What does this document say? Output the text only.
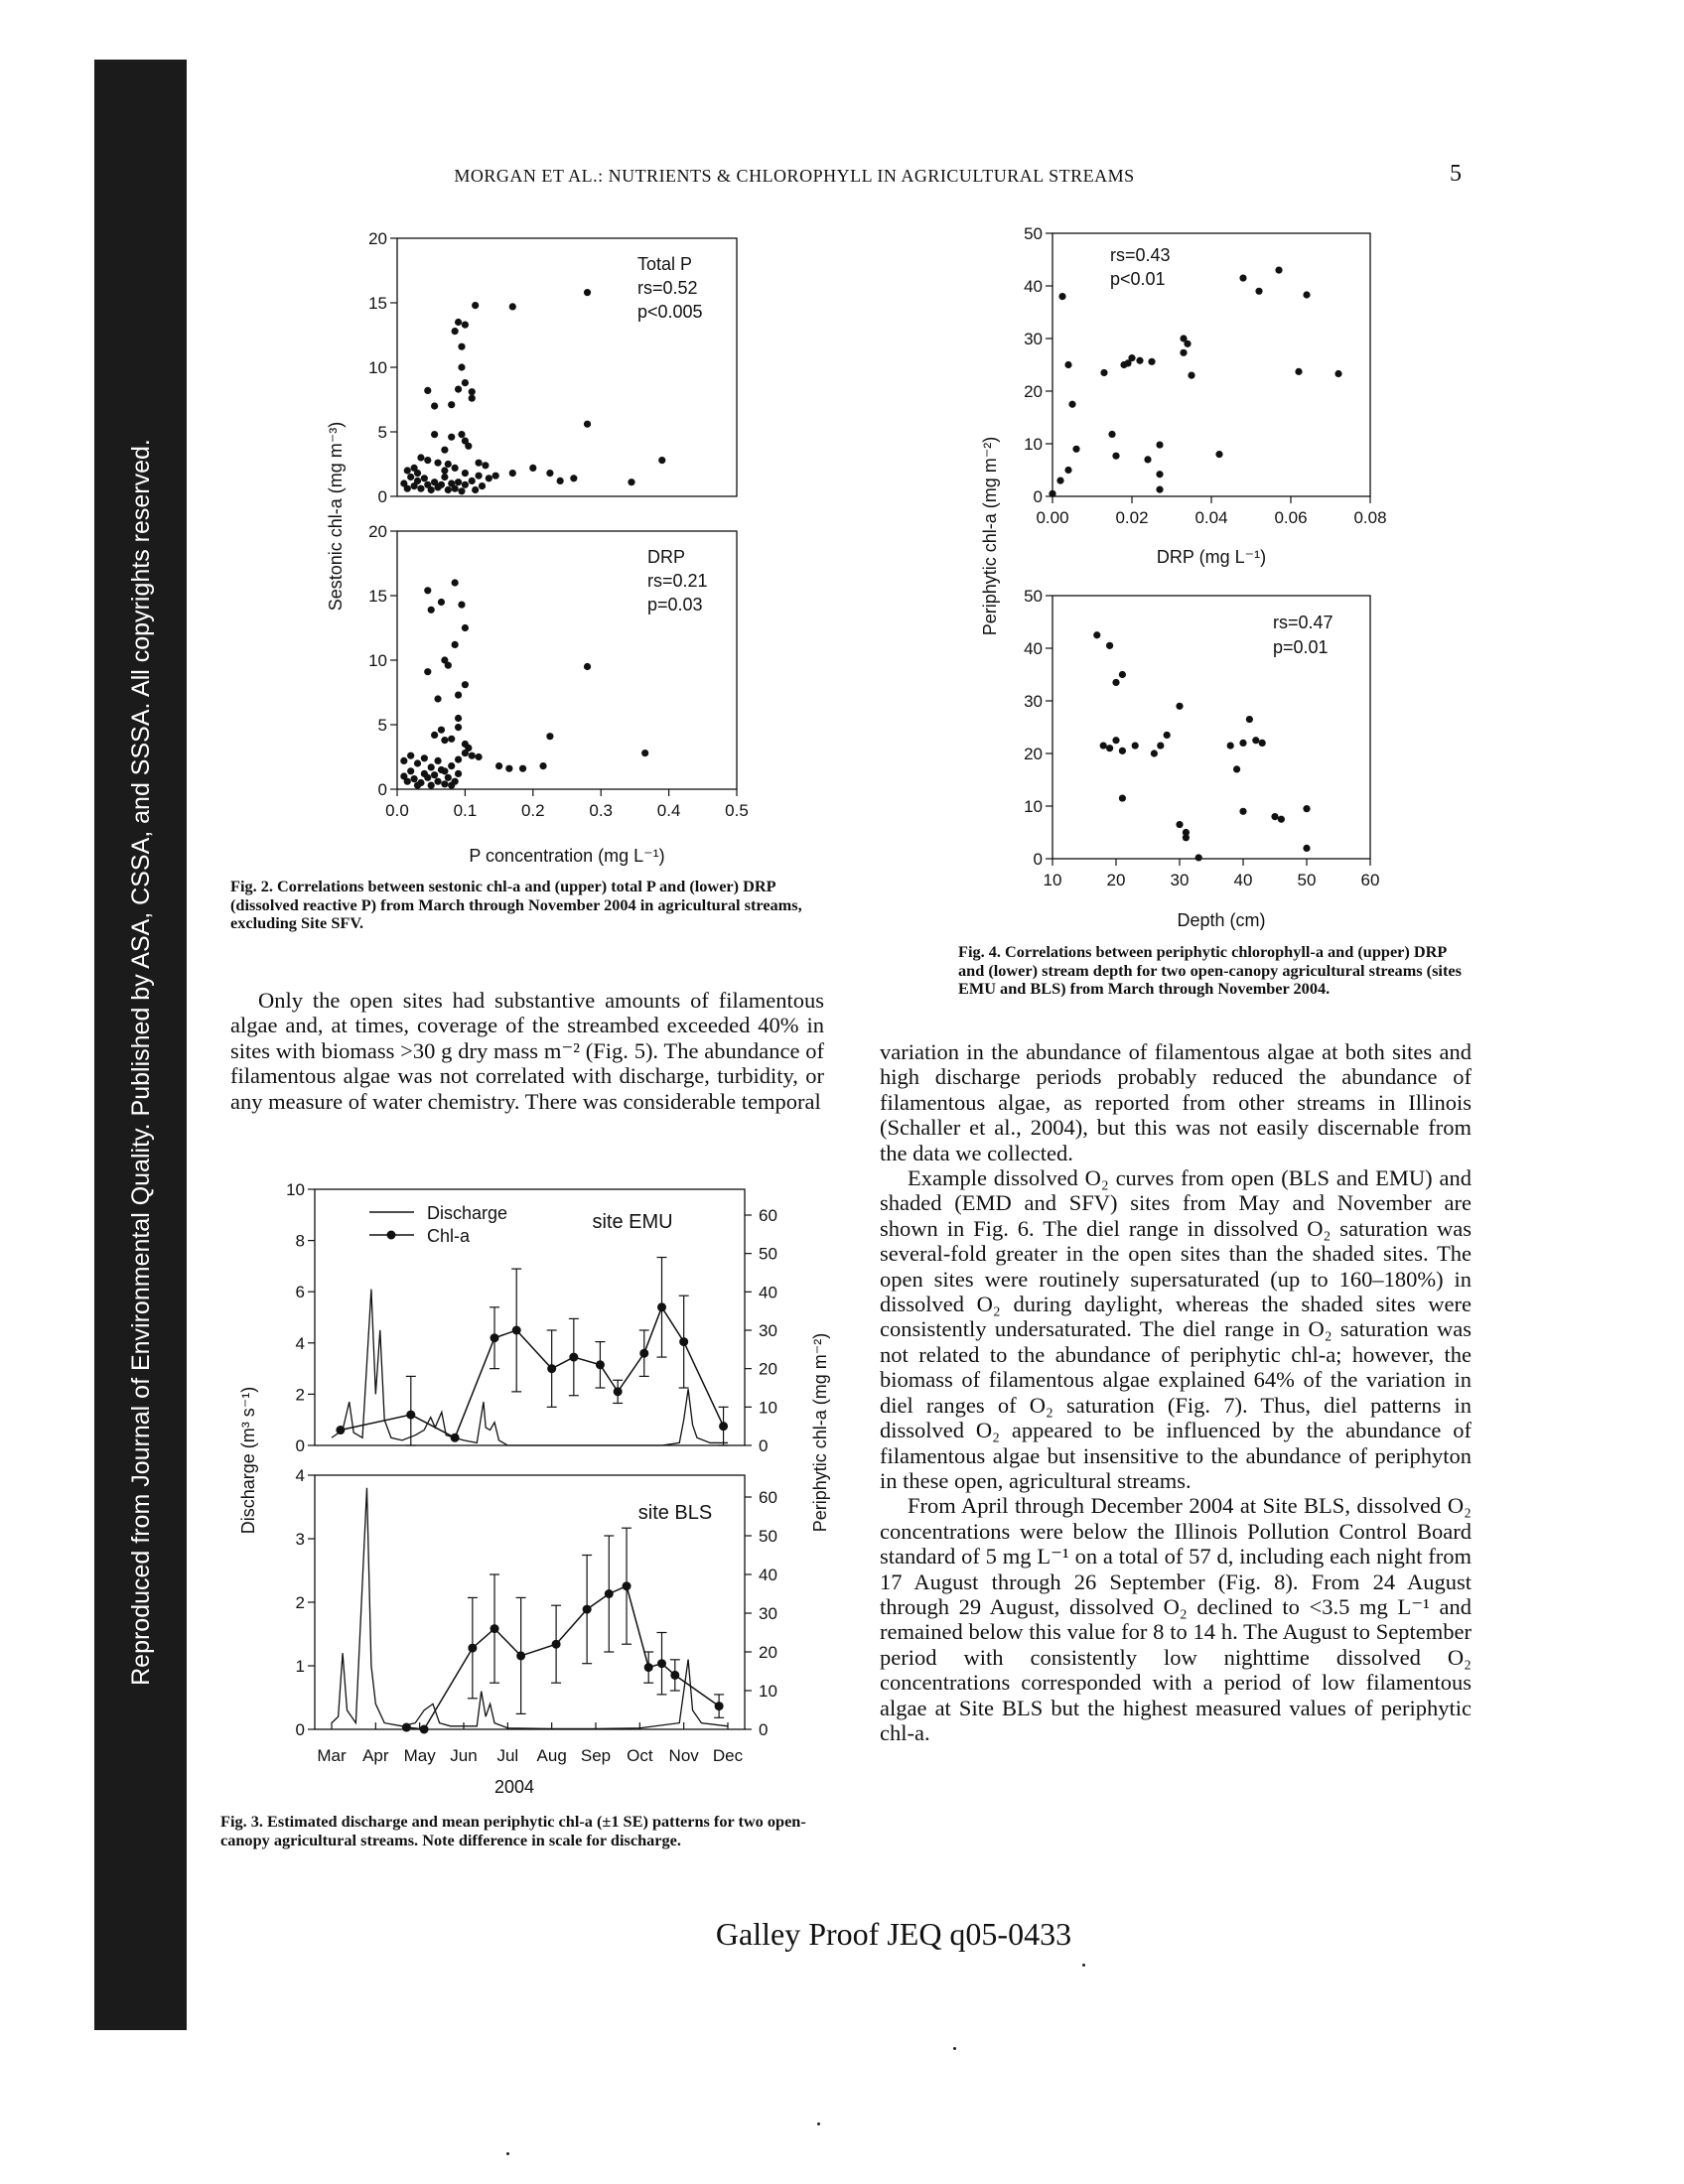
Reproduced from Journal of Environmental Quality. Published by ASA, CSSA, and SSSA. All copyrights reserved.
MORGAN ET AL.: NUTRIENTS & CHLOROPHYLL IN AGRICULTURAL STREAMS	5
0
5
10
15
20
0
5
10
15
20
0.0	0.1	0.2	0.3	0.4	0.5
Total P
rs=0.52
p<0.005
DRP
rs=0.21
p=0.03
P concentration (mg L⁻¹)
Sestonic chl-a (mg m⁻³)
Fig. 2. Correlations between sestonic chl-a and (upper) total P and (lower) DRP (dissolved reactive P) from March through November 2004 in agricultural streams, excluding Site SFV.
0
10
20
30
40
50
0
10
20
30
40
50
0.00	0.02	0.04	0.06	0.08
10	20	30	40	50	60
rs=0.43
p<0.01
rs=0.47
p=0.01
DRP (mg L⁻¹)
Depth (cm)
Periphytic chl-a (mg m⁻²)
Fig. 4. Correlations between periphytic chlorophyll-a and (upper) DRP and (lower) stream depth for two open-canopy agricultural streams (sites EMU and BLS) from March through November 2004.

Only the open sites had substantive amounts of filamentous algae and, at times, coverage of the streambed exceeded 40% in sites with biomass >30 g dry mass m⁻² (Fig. 5). The abundance of filamentous algae was not correlated with discharge, turbidity, or any measure of water chemistry. There was considerable temporal

0
2
4
6
8
10
0
1
2
3
4
0
10
20
30
40
50
60
0
10
20
30
40
50
60
Mar Apr May Jun Jul Aug Sep Oct Nov Dec
Discharge
Chl-a
site EMU
site BLS
2004
Discharge (m³ s⁻¹)	Periphytic chl-a (mg m⁻²)
Fig. 3. Estimated discharge and mean periphytic chl-a (±1 SE) patterns for two open-canopy agricultural streams. Note difference in scale for discharge.

variation in the abundance of filamentous algae at both sites and high discharge periods probably reduced the abundance of filamentous algae, as reported from other streams in Illinois (Schaller et al., 2004), but this was not easily discernable from the data we collected.

Example dissolved O₂ curves from open (BLS and EMU) and shaded (EMD and SFV) sites from May and November are shown in Fig. 6. The diel range in dissolved O₂ saturation was several-fold greater in the open sites than the shaded sites. The open sites were routinely supersaturated (up to 160–180%) in dissolved O₂ during daylight, whereas the shaded sites were consistently undersaturated. The diel range in O₂ saturation was not related to the abundance of periphytic chl-a; however, the biomass of filamentous algae explained 64% of the variation in diel ranges of O₂ saturation (Fig. 7). Thus, diel patterns in dissolved O₂ appeared to be influenced by the abundance of filamentous algae but insensitive to the abundance of periphyton in these open, agricultural streams.

From April through December 2004 at Site BLS, dissolved O₂ concentrations were below the Illinois Pollution Control Board standard of 5 mg L⁻¹ on a total of 57 d, including each night from 17 August through 26 September (Fig. 8). From 24 August through 29 August, dissolved O₂ declined to <3.5 mg L⁻¹ and remained below this value for 8 to 14 h. The August to September period with consistently low nighttime dissolved O₂ concentrations corresponded with a period of low filamentous algae at Site BLS but the highest measured values of periphytic chl-a.

Galley Proof JEQ q05-0433
